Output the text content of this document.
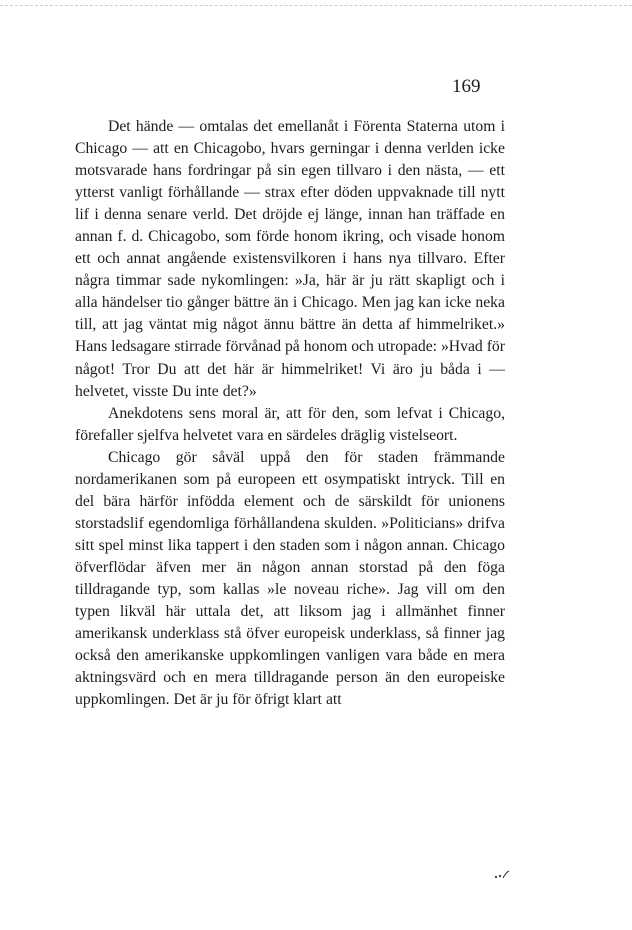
169

Det hände — omtalas det emellanåt i Förenta Staterna utom i Chicago — att en Chicagobo, hvars gerningar i denna verlden icke motsvarade hans fordringar på sin egen tillvaro i den nästa, — ett ytterst vanligt förhållande — strax efter döden uppvaknade till nytt lif i denna senare verld. Det dröjde ej länge, innan han träffade en annan f. d. Chicagobo, som förde honom ikring, och visade honom ett och annat angående existensvilkoren i hans nya tillvaro. Efter några timmar sade nykomlingen: »Ja, här är ju rätt skapligt och i alla händelser tio gånger bättre än i Chicago. Men jag kan icke neka till, att jag väntat mig något ännu bättre än detta af himmelriket.» Hans ledsagare stirrade förvånad på honom och utropade: »Hvad för något! Tror Du att det här är himmelriket! Vi äro ju båda i — helvetet, visste Du inte det?»

Anekdotens sens moral är, att för den, som lefvat i Chicago, förefaller sjelfva helvetet vara en särdeles dräglig vistelseort.

Chicago gör såväl uppå den för staden främmande nordamerikanen som på europeen ett osympatiskt intryck. Till en del bära härför infödda element och de särskildt för unionens storstadslif egendomliga förhållandena skulden. »Politicians» drifva sitt spel minst lika tappert i den staden som i någon annan. Chicago öfverflödar äfven mer än någon annan storstad på den föga tilldragande typ, som kallas »le noveau riche». Jag vill om den typen likväl här uttala det, att liksom jag i allmänhet finner amerikansk underklass stå öfver europeisk underklass, så finner jag också den amerikanske uppkomlingen vanligen vara både en mera aktningsvärd och en mera tilldragande person än den europeiske uppkomlingen. Det är ju för öfrigt klart att
